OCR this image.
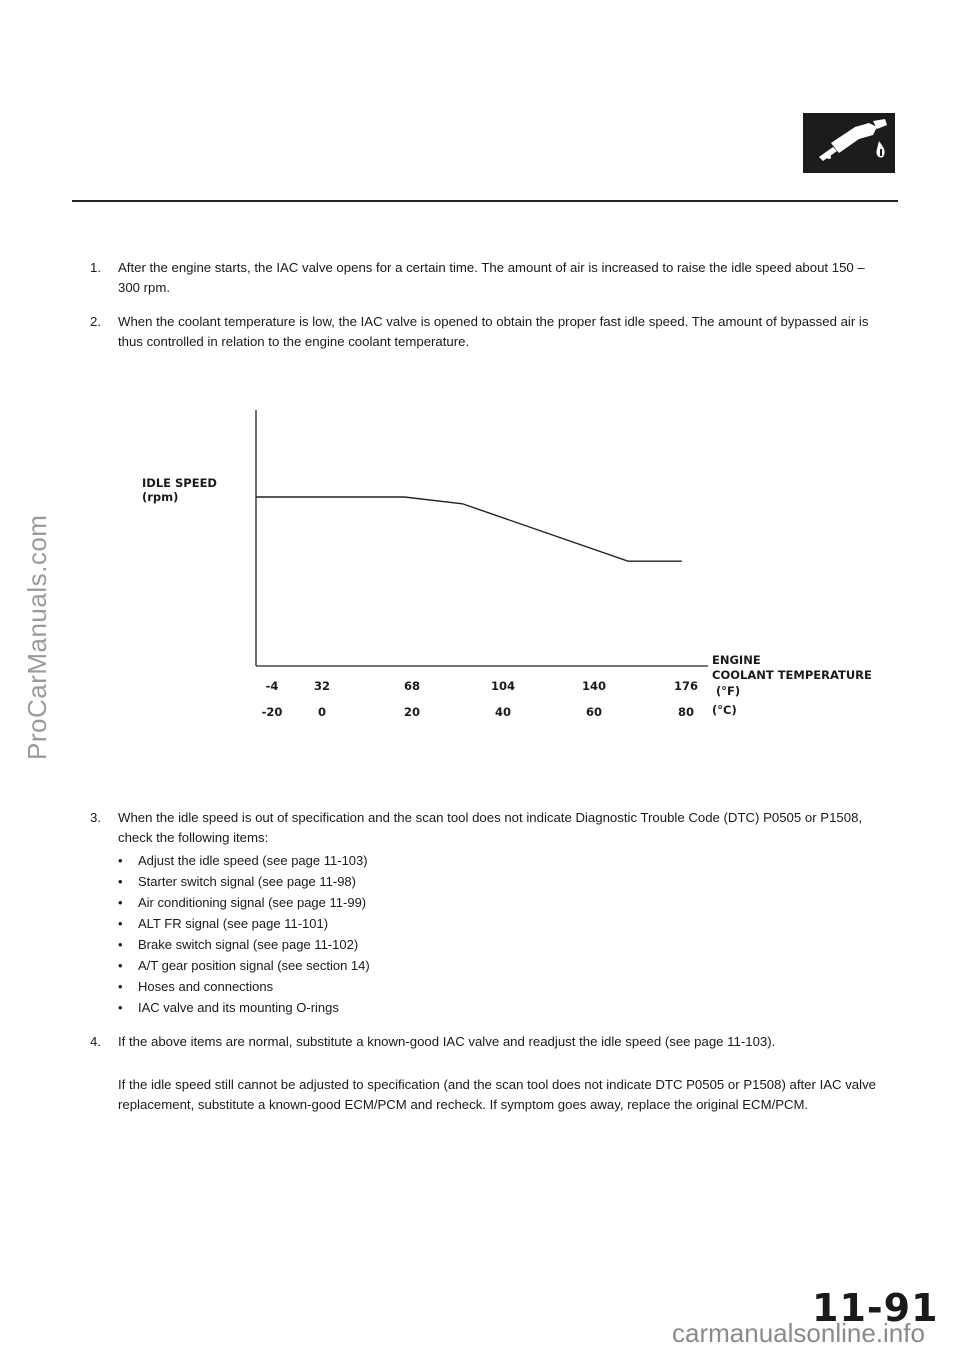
ProCarManuals.com
1. After the engine starts, the IAC valve opens for a certain time. The amount of air is increased to raise the idle speed about 150 – 300 rpm.
2. When the coolant temperature is low, the IAC valve is opened to obtain the proper fast idle speed. The amount of bypassed air is thus controlled in relation to the engine coolant temperature.
IDLE SPEED
(rpm)
-4	32	68	104	140	176
-20	0	20	40	60	80
ENGINE
COOLANT TEMPERATURE
(°F)
(°C)
3. When the idle speed is out of specification and the scan tool does not indicate Diagnostic Trouble Code (DTC) P0505 or P1508, check the following items:
• Adjust the idle speed (see page 11-103)
• Starter switch signal (see page 11-98)
• Air conditioning signal (see page 11-99)
• ALT FR signal (see page 11-101)
• Brake switch signal (see page 11-102)
• A/T gear position signal (see section 14)
• Hoses and connections
• IAC valve and its mounting O-rings
4. If the above items are normal, substitute a known-good IAC valve and readjust the idle speed (see page 11-103).
If the idle speed still cannot be adjusted to specification (and the scan tool does not indicate DTC P0505 or P1508) after IAC valve replacement, substitute a known-good ECM/PCM and recheck. If symptom goes away, replace the original ECM/PCM.
11-91
carmanualsonline.info
